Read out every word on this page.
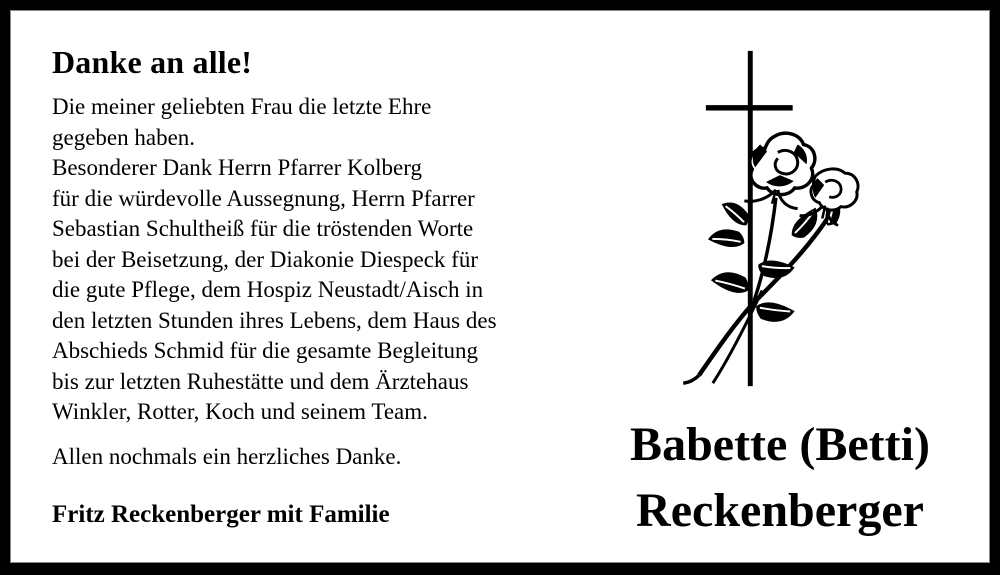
Danke an alle!
Die meiner geliebten Frau die letzte Ehre
gegeben haben.
Besonderer Dank Herrn Pfarrer Kolberg
für die würdevolle Aussegnung, Herrn Pfarrer
Sebastian Schultheiß für die tröstenden Worte
bei der Beisetzung, der Diakonie Diespeck für
die gute Pflege, dem Hospiz Neustadt/Aisch in
den letzten Stunden ihres Lebens, dem Haus des
Abschieds Schmid für die gesamte Begleitung
bis zur letzten Ruhestätte und dem Ärztehaus
Winkler, Rotter, Koch und seinem Team.
Allen nochmals ein herzliches Danke.
Fritz Reckenberger mit Familie
Babette (Betti)
Reckenberger
